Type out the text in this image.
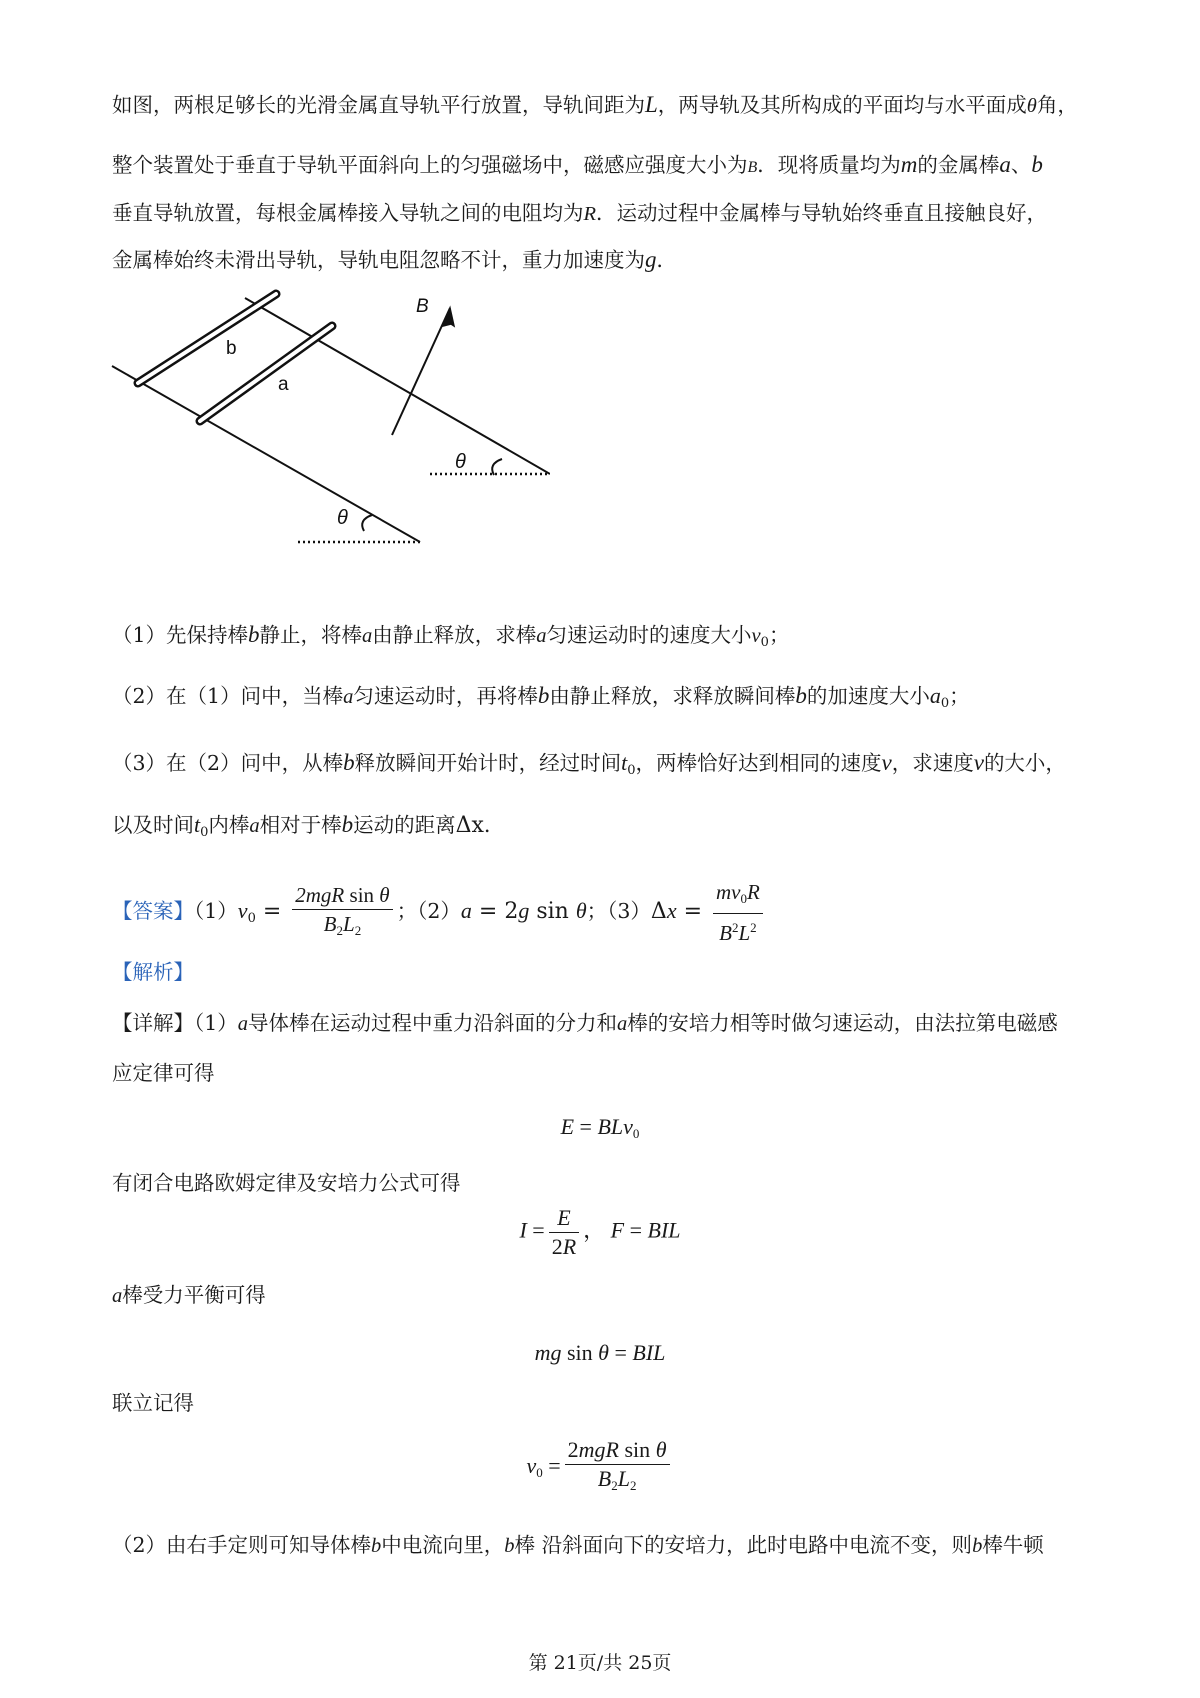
如图，两根足够长的光滑金属直导轨平行放置，导轨间距为L，两导轨及其所构成的平面均与水平面成θ角，
整个装置处于垂直于导轨平面斜向上的匀强磁场中，磁感应强度大小为B．现将质量均为m的金属棒a、b
垂直导轨放置，每根金属棒接入导轨之间的电阻均为R．运动过程中金属棒与导轨始终垂直且接触良好，
金属棒始终未滑出导轨，导轨电阻忽略不计，重力加速度为g．
b
a
B
θ
θ
（1）先保持棒b静止，将棒a由静止释放，求棒a匀速运动时的速度大小$v_0$；
（2）在（1）问中，当棒a匀速运动时，再将棒b由静止释放，求释放瞬间棒b的加速度大小$a_0$；
（3）在（2）问中，从棒b释放瞬间开始计时，经过时间$t_0$，两棒恰好达到相同的速度v，求速度v的大小，
以及时间$t_0$内棒a相对于棒b运动的距离Δx．
【答案】$(1)v_0 = \frac{\text{2mgR sin θ}}{B_2L_2}$ ；（2）a = 2g sin θ；$(3)\Delta x = \frac{mv_0R}{B^2L^2}$
【解析】
【详解】（1）a导体棒在运动过程中重力沿斜面的分力和a棒的安培力相等时做匀速运动，由法拉第电磁感
应定律可得
E = BLv$_0$
有闭合电路欧姆定律及安培力公式可得
$I = \frac{E}{2R}$ ， F = BIL
a棒受力平衡可得
mg sin θ = BIL
联立记得
$v_0 = \frac{\text{2mgR sin θ}}{B_2L_2}$
（2）由右手定则可知导体棒b中电流向里，b棒 沿斜面向下的安培力，此时电路中电流不变，则b棒牛顿
第 21页/共 25页
